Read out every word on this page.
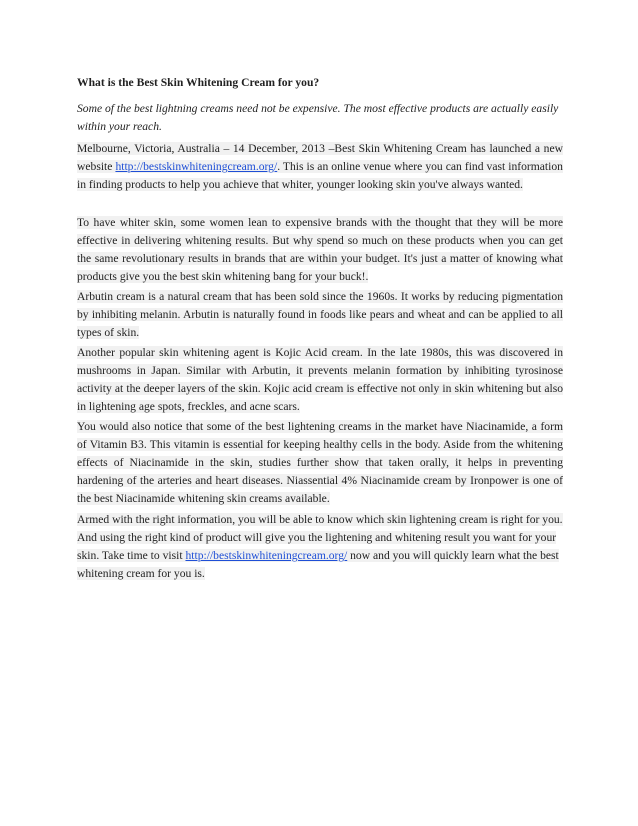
What is the Best Skin Whitening Cream for you?
Some of the best lightning creams need not be expensive. The most effective products are actually easily within your reach.
Melbourne, Victoria, Australia – 14 December, 2013 –Best Skin Whitening Cream has launched a new website http://bestskinwhiteningcream.org/. This is an online venue where you can find vast information in finding products to help you achieve that whiter, younger looking skin you've always wanted.
To have whiter skin, some women lean to expensive brands with the thought that they will be more effective in delivering whitening results. But why spend so much on these products when you can get the same revolutionary results in brands that are within your budget. It's just a matter of knowing what products give you the best skin whitening bang for your buck!.
Arbutin cream is a natural cream that has been sold since the 1960s. It works by reducing pigmentation by inhibiting melanin. Arbutin is naturally found in foods like pears and wheat and can be applied to all types of skin.
Another popular skin whitening agent is Kojic Acid cream. In the late 1980s, this was discovered in mushrooms in Japan. Similar with Arbutin, it prevents melanin formation by inhibiting tyrosinose activity at the deeper layers of the skin. Kojic acid cream is effective not only in skin whitening but also in lightening age spots, freckles, and acne scars.
You would also notice that some of the best lightening creams in the market have Niacinamide, a form of Vitamin B3. This vitamin is essential for keeping healthy cells in the body. Aside from the whitening effects of Niacinamide in the skin, studies further show that taken orally, it helps in preventing hardening of the arteries and heart diseases. Niassential 4% Niacinamide cream by Ironpower is one of the best Niacinamide whitening skin creams available.
Armed with the right information, you will be able to know which skin lightening cream is right for you. And using the right kind of product will give you the lightening and whitening result you want for your skin. Take time to visit http://bestskinwhiteningcream.org/ now and you will quickly learn what the best whitening cream for you is.
